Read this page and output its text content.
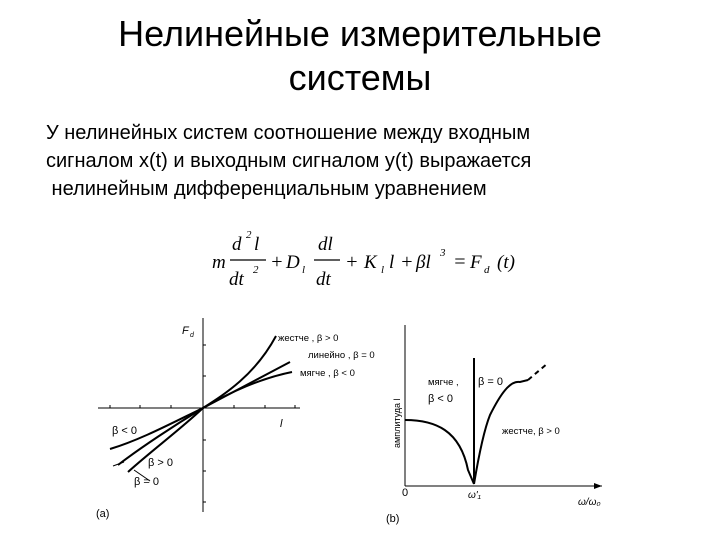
Нелинейные измерительные
системы
У нелинейных систем соотношение между входным
сигналом x(t) и выходным сигналом y(t) выражается
нелинейным дифференциальным уравнением
m
d 2 l
dt 2 + D l
dl
dt
+ K l l + βl 3 = F d (t)
F d
l
жестче , β > 0
линейно , β = 0
мягче , β < 0
β < 0
β > 0
β = 0
(a)
амплитуда l
мягче ,
β < 0
β = 0
жестче, β > 0
0	ω'₁
ω/ω₀
(b)
